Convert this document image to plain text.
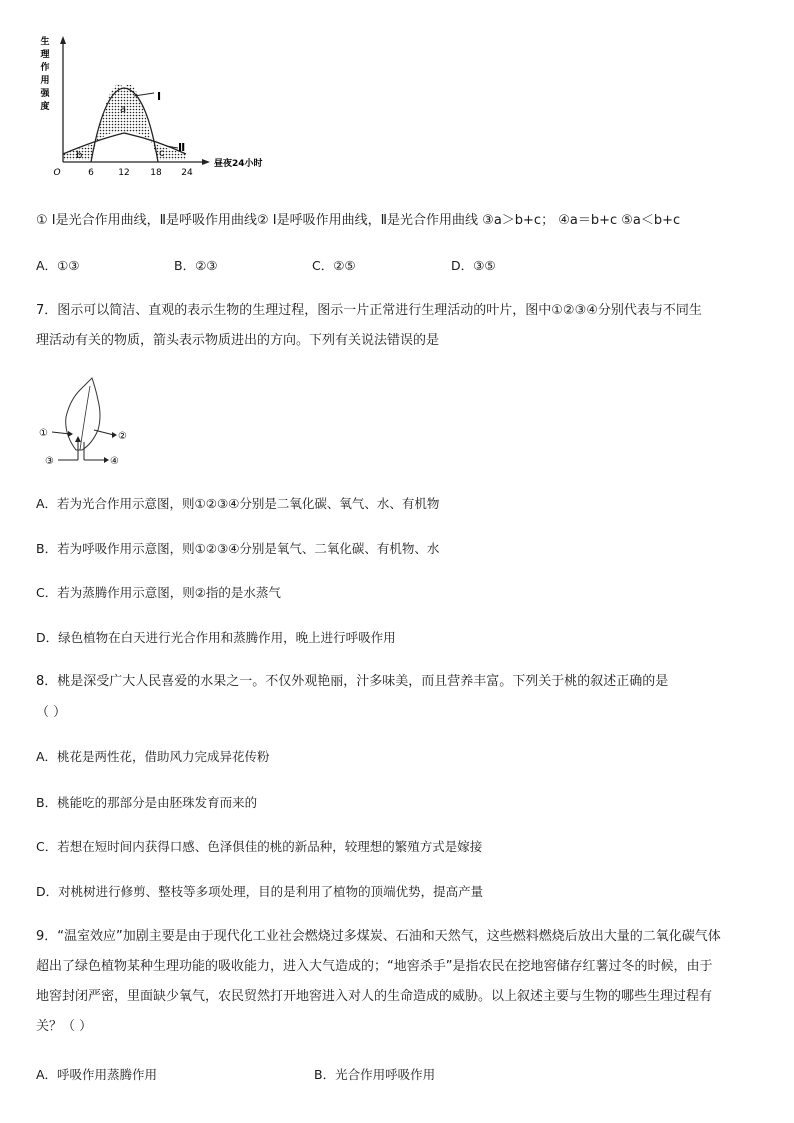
生
理
作
用
强
度
Ⅰ
Ⅱ
a
b	c
O	6	12 18 24
昼夜24小时
① Ⅰ是光合作用曲线，Ⅱ是呼吸作用曲线② Ⅰ是呼吸作用曲线，Ⅱ是光合作用曲线 ③a＞b+c； ④a＝b+c ⑤a＜b+c
A．①③	B．②③	C．②⑤	D．③⑤
7．图示可以简洁、直观的表示生物的生理过程，图示一片正常进行生理活动的叶片，图中①②③④分别代表与不同生
理活动有关的物质，箭头表示物质进出的方向。下列有关说法错误的是
①	②
③	④
A．若为光合作用示意图，则①②③④分别是二氧化碳、氧气、水、有机物
B．若为呼吸作用示意图，则①②③④分别是氧气、二氧化碳、有机物、水
C．若为蒸腾作用示意图，则②指的是水蒸气
D．绿色植物在白天进行光合作用和蒸腾作用，晚上进行呼吸作用
8．桃是深受广大人民喜爱的水果之一。不仅外观艳丽，汁多味美，而且营养丰富。下列关于桃的叙述正确的是
（ ）
A．桃花是两性花，借助风力完成异花传粉
B．桃能吃的那部分是由胚珠发育而来的
C．若想在短时间内获得口感、色泽俱佳的桃的新品种，较理想的繁殖方式是嫁接
D．对桃树进行修剪、整枝等多项处理，目的是利用了植物的顶端优势，提高产量
9．“温室效应”加剧主要是由于现代化工业社会燃烧过多煤炭、石油和天然气，这些燃料燃烧后放出大量的二氧化碳气体
超出了绿色植物某种生理功能的吸收能力，进入大气造成的；“地窖杀手”是指农民在挖地窖储存红薯过冬的时候，由于
地窖封闭严密，里面缺少氧气，农民贸然打开地窖进入对人的生命造成的威胁。以上叙述主要与生物的哪些生理过程有
关？（ ）
A．呼吸作用蒸腾作用	B．光合作用呼吸作用
